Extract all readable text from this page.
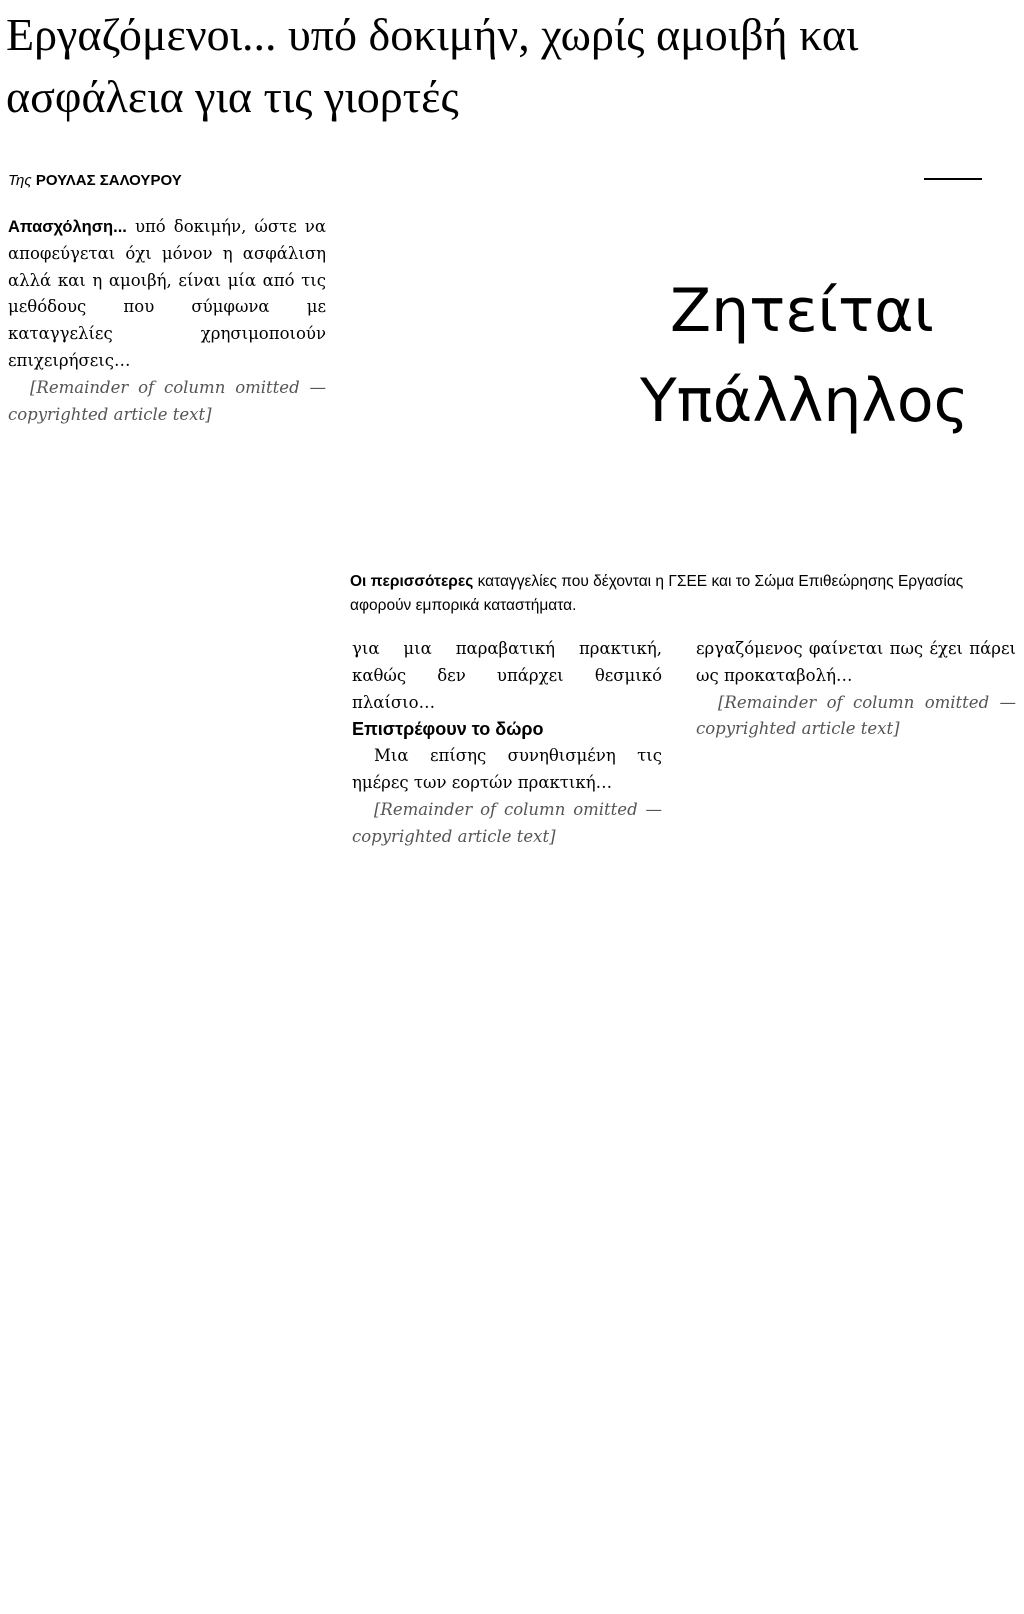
Εργαζόμενοι... υπό δοκιμήν, χωρίς αμοιβή και ασφάλεια για τις γιορτές
Της ΡΟΥΛΑΣ ΣΑΛΟΥΡΟΥ
Ζητείται
Υπάλληλος
Οι περισσότερες καταγγελίες που δέχονται η ΓΣΕΕ και το Σώμα Επιθεώρησης Εργασίας αφορούν εμπορικά καταστήματα.

Απασχόληση... υπό δοκιμήν, ώστε να αποφεύγεται όχι μόνον η ασφάλιση αλλά και η αμοιβή, είναι μία από τις μεθόδους που σύμφωνα με καταγγελίες χρησιμοποιούν επιχειρήσεις…

[Remainder of column omitted — copyrighted article text]

για μια παραβατική πρακτική, καθώς δεν υπάρχει θεσμικό πλαίσιο…

Επιστρέφουν το δώρο

Μια επίσης συνηθισμένη τις ημέρες των εορτών πρακτική…

[Remainder of column omitted — copyrighted article text]

εργαζόμενος φαίνεται πως έχει πάρει ως προκαταβολή…

[Remainder of column omitted — copyrighted article text]
